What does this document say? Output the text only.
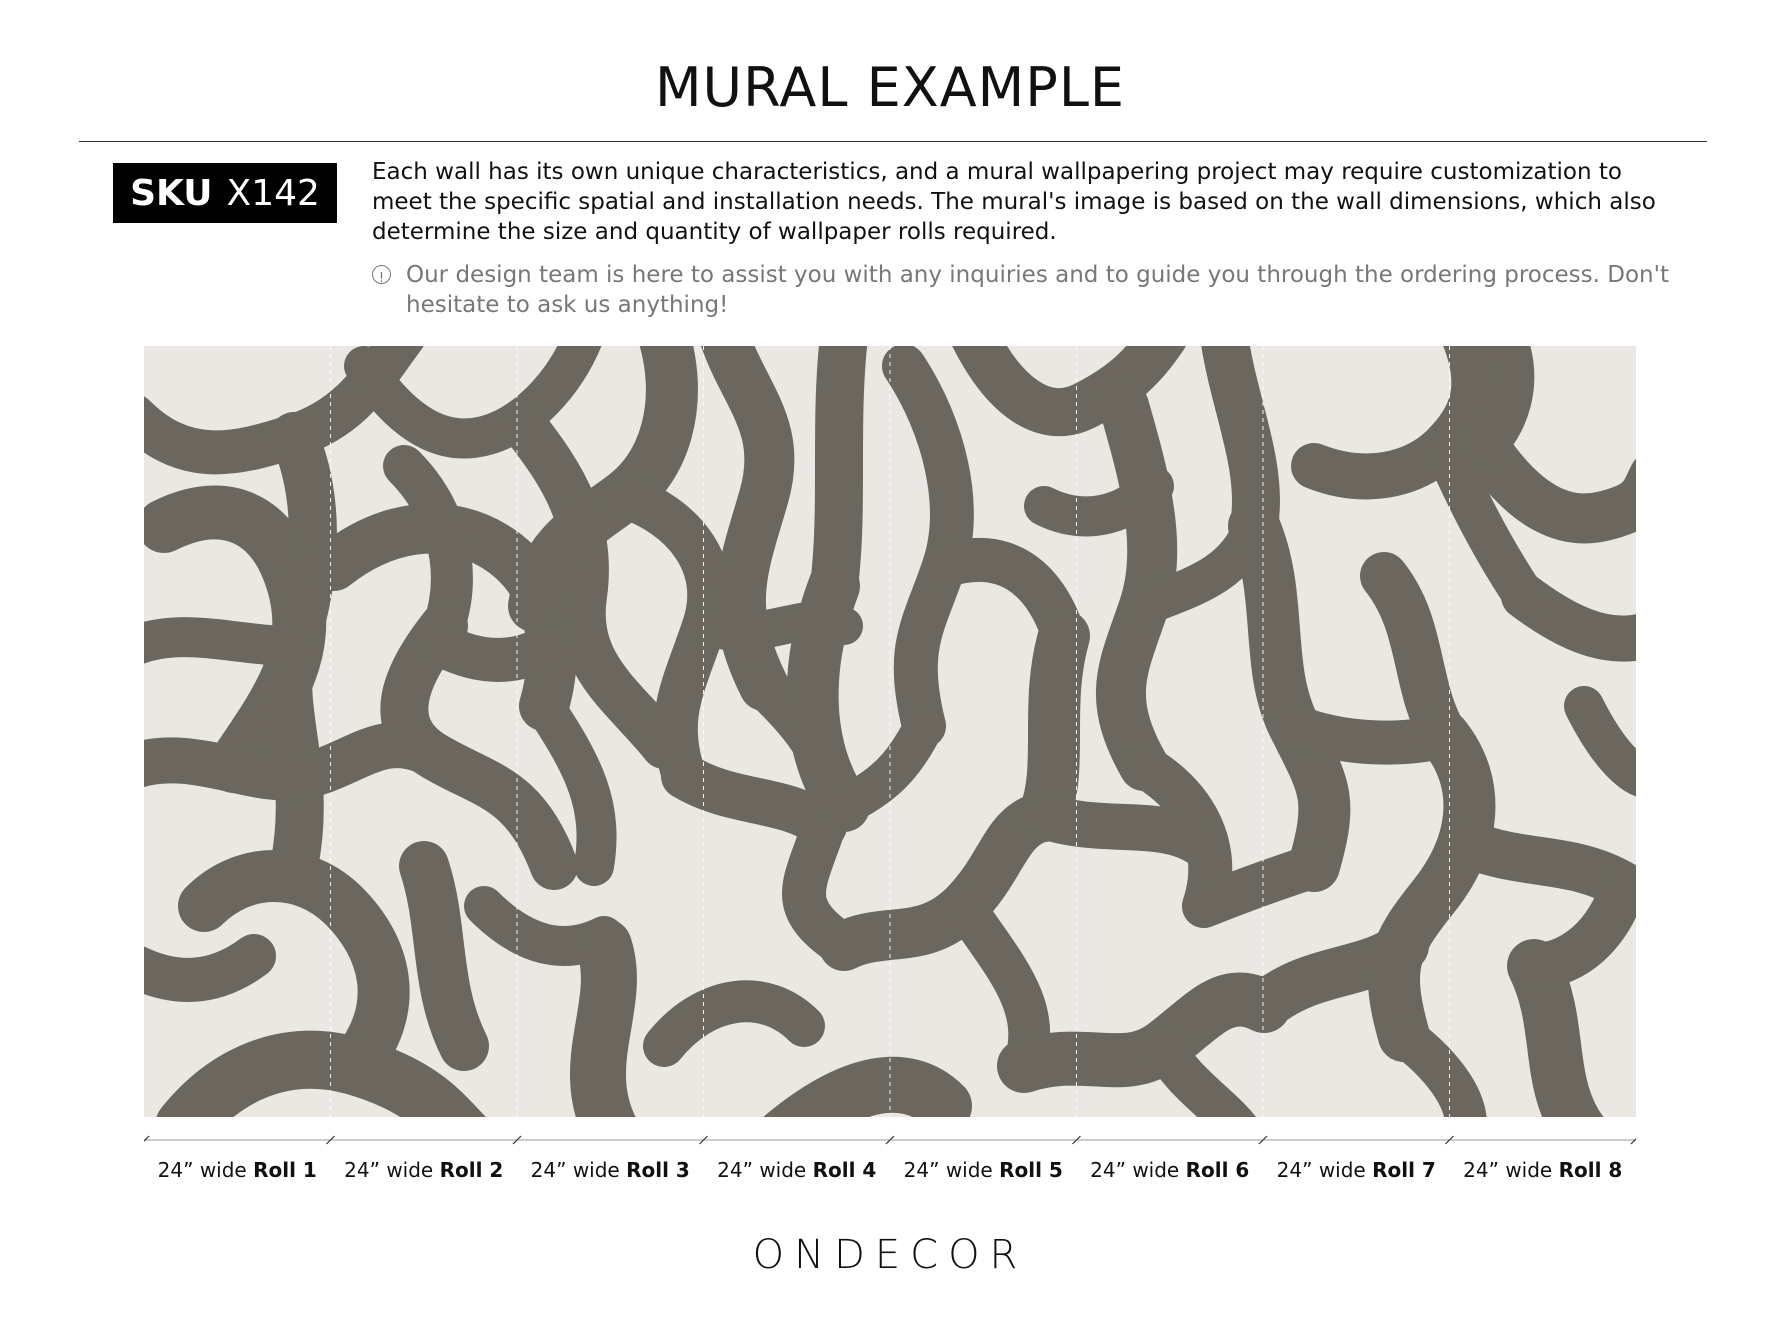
MURAL EXAMPLE
SKU X142
Each wall has its own unique characteristics, and a mural wallpapering project may require customization to meet the specific spatial and installation needs. The mural's image is based on the wall dimensions, which also determine the size and quantity of wallpaper rolls required.
!
Our design team is here to assist you with any inquiries and to guide you through the ordering process. Don't hesitate to ask us anything!
24” wide Roll 1	24” wide Roll 2	24” wide Roll 3	24” wide Roll 4	24” wide Roll 5	24” wide Roll 6	24” wide Roll 7	24” wide Roll 8
ONDECOR
